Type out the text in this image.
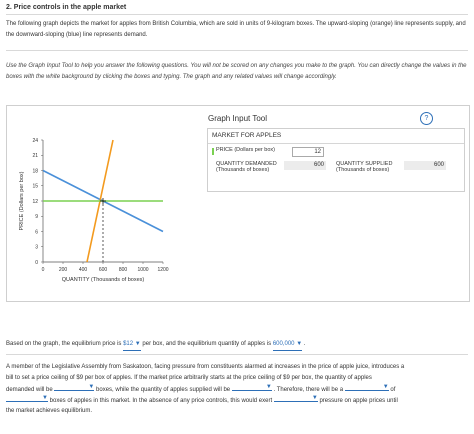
2. Price controls in the apple market
The following graph depicts the market for apples from British Columbia, which are sold in units of 9-kilogram boxes. The upward-sloping (orange) line represents supply, and the downward-sloping (blue) line represents demand.
Use the Graph Input Tool to help you answer the following questions. You will not be scored on any changes you make to the graph. You can directly change the values in the boxes with the white background by clicking the boxes and typing. The graph and any related values will change accordingly.
0	200 400 600 800 1000 1200
0
3
6
9
12
15
18
21
24
QUANTITY (Thousands of boxes)
PRICE (Dollars per box)
Graph Input Tool	?
MARKET FOR APPLES
PRICE (Dollars per box)	12
QUANTITY DEMANDED (Thousands of boxes)
600	QUANTITY SUPPLIED (Thousands of boxes)
600
Based on the graph, the equilibrium price is $12 ▼ per box, and the equilibrium quantity of apples is 600,000 ▼ .
A member of the Legislative Assembly from Saskatoon, facing pressure from constituents alarmed at increases in the price of apple juice, introduces a
bill to set a price ceiling of $9 per box of apples. If the market price arbitrarily starts at the price ceiling of $9 per box, the quantity of apples
demanded will be	▼ boxes, while the quantity of apples supplied will be	▼ . Therefore, there will be a	▼ of
▼ boxes of apples in this market. In the absence of any price controls, this would exert	▼ pressure on apple prices until
the market achieves equilibrium.
